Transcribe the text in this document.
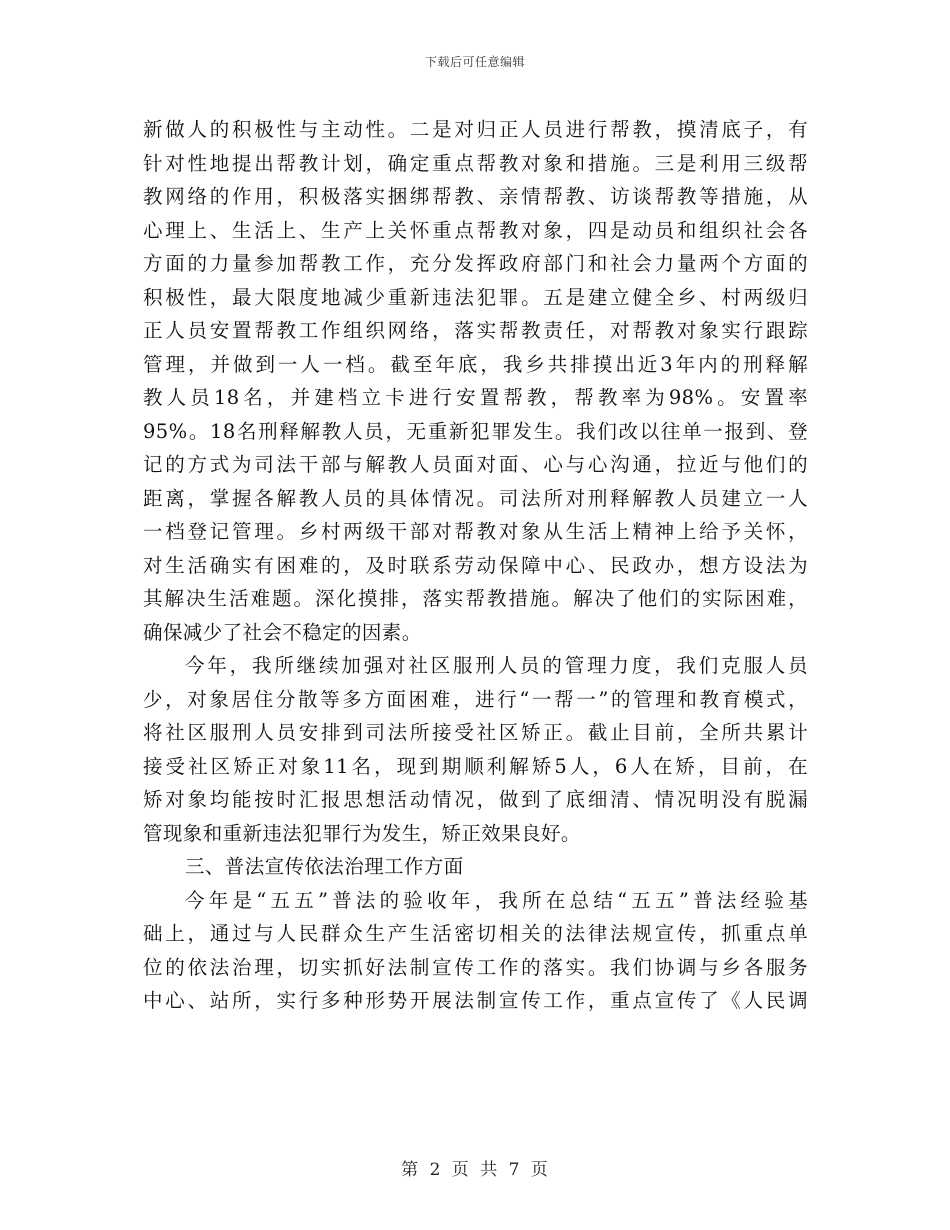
下载后可任意编辑
新做人的积极性与主动性。二是对归正人员进行帮教，摸清底子，有
针对性地提出帮教计划，确定重点帮教对象和措施。三是利用三级帮
教网络的作用，积极落实捆绑帮教、亲情帮教、访谈帮教等措施，从
心理上、生活上、生产上关怀重点帮教对象，四是动员和组织社会各
方面的力量参加帮教工作，充分发挥政府部门和社会力量两个方面的
积极性，最大限度地减少重新违法犯罪。五是建立健全乡、村两级归
正人员安置帮教工作组织网络，落实帮教责任，对帮教对象实行跟踪
管理，并做到一人一档。截至年底，我乡共排摸出近3年内的刑释解
教人员18名，并建档立卡进行安置帮教，帮教率为98%。安置率
95%。18名刑释解教人员，无重新犯罪发生。我们改以往单一报到、登
记的方式为司法干部与解教人员面对面、心与心沟通，拉近与他们的
距离，掌握各解教人员的具体情况。司法所对刑释解教人员建立一人
一档登记管理。乡村两级干部对帮教对象从生活上精神上给予关怀，
对生活确实有困难的，及时联系劳动保障中心、民政办，想方设法为
其解决生活难题。深化摸排，落实帮教措施。解决了他们的实际困难，
确保减少了社会不稳定的因素。
今年，我所继续加强对社区服刑人员的管理力度，我们克服人员
少，对象居住分散等多方面困难，进行“一帮一”的管理和教育模式，
将社区服刑人员安排到司法所接受社区矫正。截止目前，全所共累计
接受社区矫正对象11名，现到期顺利解矫5人，6人在矫，目前，在
矫对象均能按时汇报思想活动情况，做到了底细清、情况明没有脱漏
管现象和重新违法犯罪行为发生，矫正效果良好。
三、普法宣传依法治理工作方面
今年是“五五”普法的验收年，我所在总结“五五”普法经验基
础上，通过与人民群众生产生活密切相关的法律法规宣传，抓重点单
位的依法治理，切实抓好法制宣传工作的落实。我们协调与乡各服务
中心、站所，实行多种形势开展法制宣传工作，重点宣传了《人民调
第 2 页 共 7 页
